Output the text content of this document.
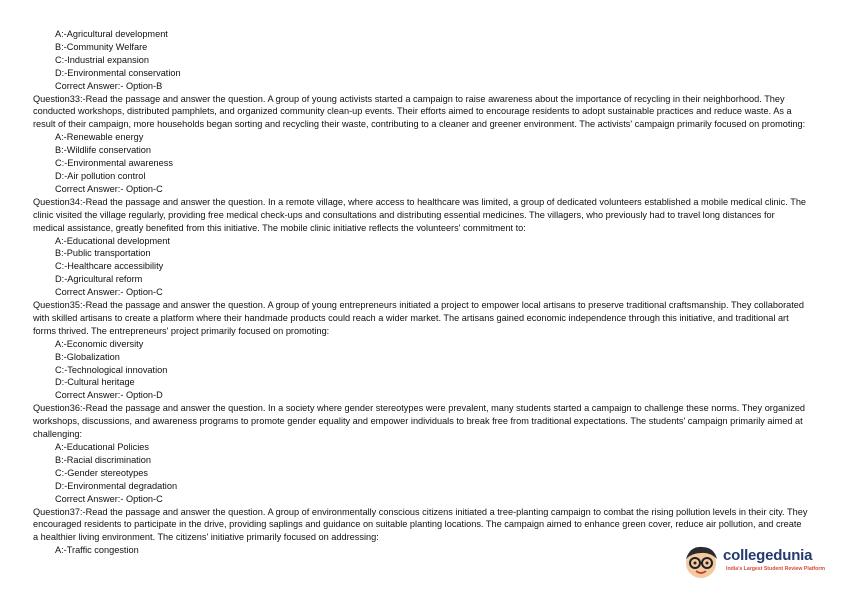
A:-Agricultural development
B:-Community Welfare
C:-Industrial expansion
D:-Environmental conservation
Correct Answer:- Option-B
Question33:-Read the passage and answer the question. A group of young activists started a campaign to raise awareness about the importance of recycling in their neighborhood. They conducted workshops, distributed pamphlets, and organized community clean-up events. Their efforts aimed to encourage residents to adopt sustainable practices and reduce waste. As a result of their campaign, more households began sorting and recycling their waste, contributing to a cleaner and greener environment. The activists' campaign primarily focused on promoting:
A:-Renewable energy
B:-Wildlife conservation
C:-Environmental awareness
D:-Air pollution control
Correct Answer:- Option-C
Question34:-Read the passage and answer the question. In a remote village, where access to healthcare was limited, a group of dedicated volunteers established a mobile medical clinic. The clinic visited the village regularly, providing free medical check-ups and consultations and distributing essential medicines. The villagers, who previously had to travel long distances for medical assistance, greatly benefited from this initiative. The mobile clinic initiative reflects the volunteers' commitment to:
A:-Educational development
B:-Public transportation
C:-Healthcare accessibility
D:-Agricultural reform
Correct Answer:- Option-C
Question35:-Read the passage and answer the question. A group of young entrepreneurs initiated a project to empower local artisans to preserve traditional craftsmanship. They collaborated with skilled artisans to create a platform where their handmade products could reach a wider market. The artisans gained economic independence through this initiative, and traditional art forms thrived. The entrepreneurs' project primarily focused on promoting:
A:-Economic diversity
B:-Globalization
C:-Technological innovation
D:-Cultural heritage
Correct Answer:- Option-D
Question36:-Read the passage and answer the question. In a society where gender stereotypes were prevalent, many students started a campaign to challenge these norms. They organized workshops, discussions, and awareness programs to promote gender equality and empower individuals to break free from traditional expectations. The students' campaign primarily aimed at challenging:
A:-Educational Policies
B:-Racial discrimination
C:-Gender stereotypes
D:-Environmental degradation
Correct Answer:- Option-C
Question37:-Read the passage and answer the question. A group of environmentally conscious citizens initiated a tree-planting campaign to combat the rising pollution levels in their city. They encouraged residents to participate in the drive, providing saplings and guidance on suitable planting locations. The campaign aimed to enhance green cover, reduce air pollution, and create a healthier living environment. The citizens' initiative primarily focused on addressing:
A:-Traffic congestion	collegedunia
India's Largest Student Review Platform
